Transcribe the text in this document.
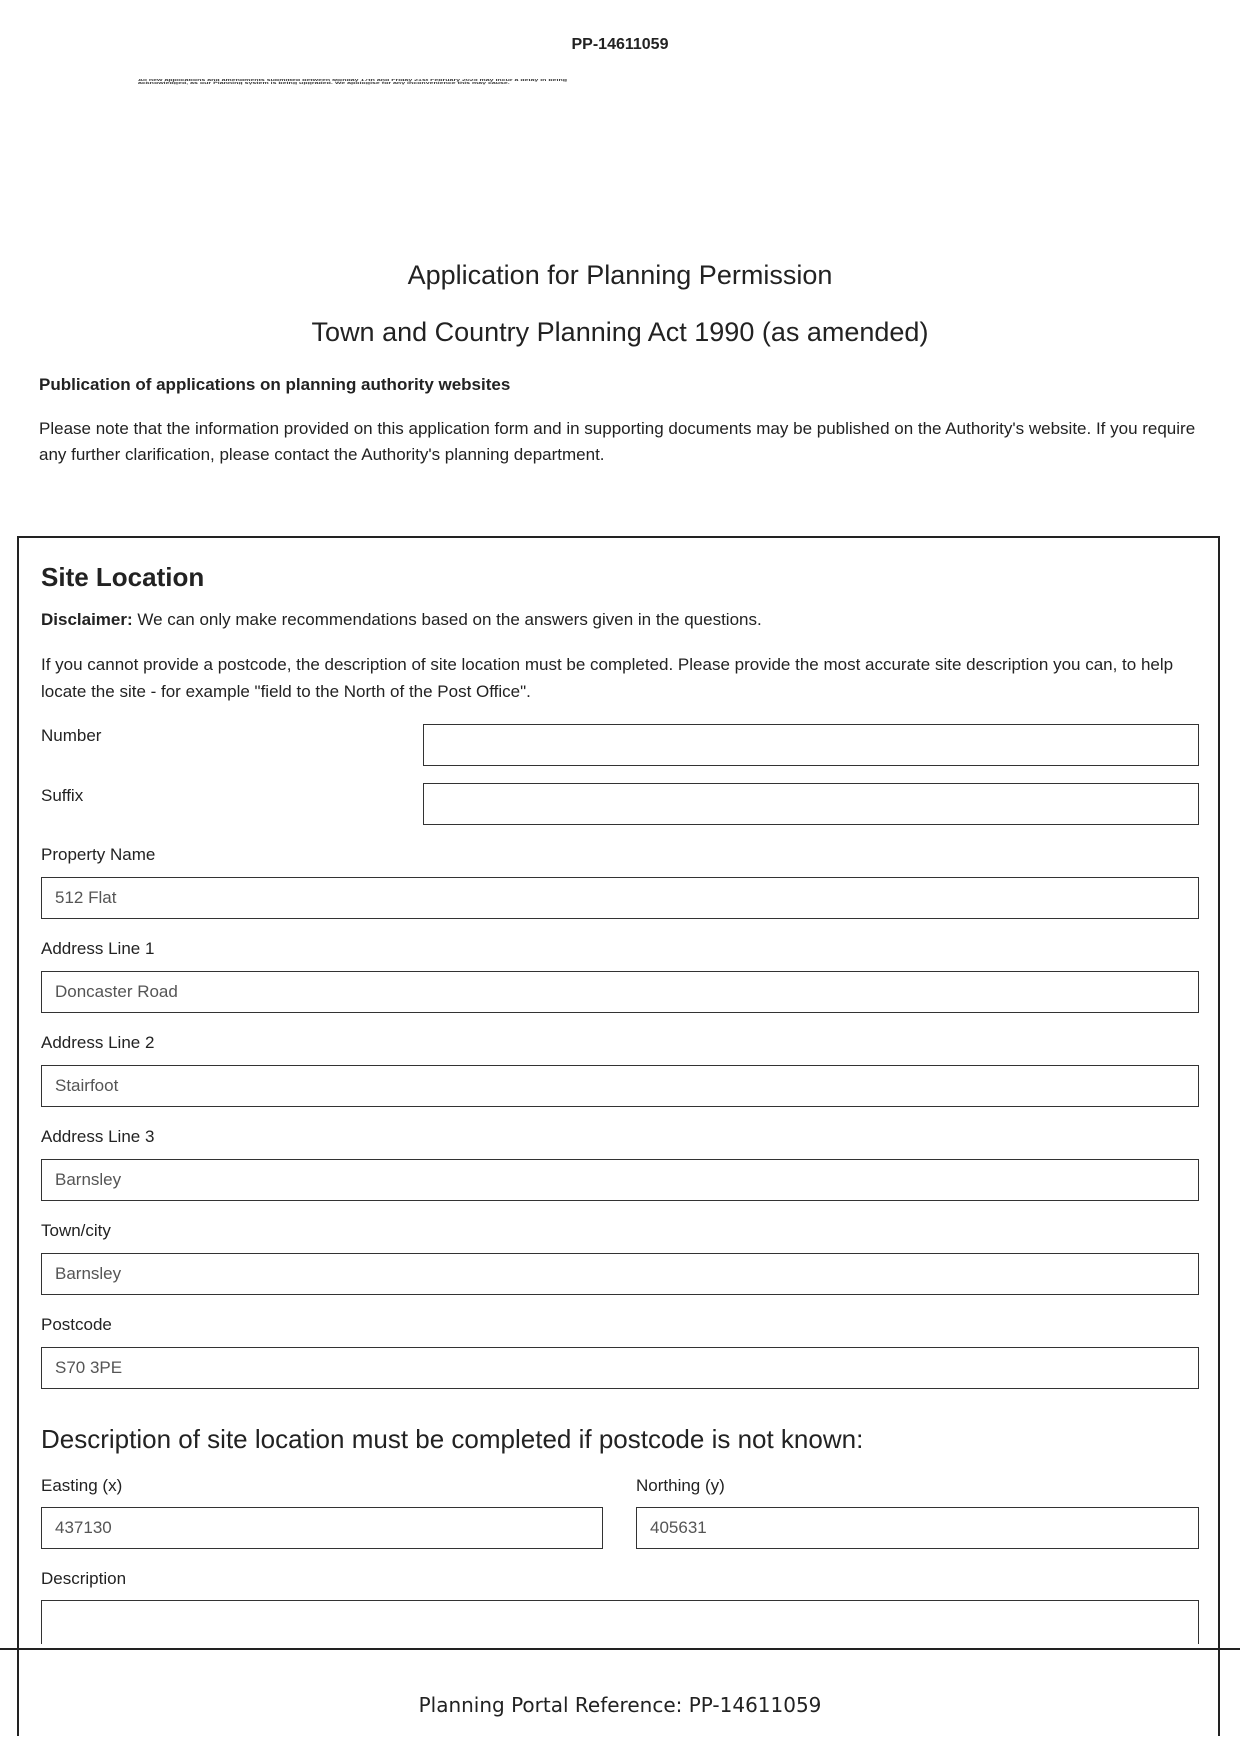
PP-14611059
All new applications and amendments submitted between Monday 17th and Friday 21st February 2025 may incur a delay in being
acknowledged, as our Planning system is being upgraded. We apologise for any inconvenience this may cause.
Application for Planning Permission
Town and Country Planning Act 1990 (as amended)
Publication of applications on planning authority websites
Please note that the information provided on this application form and in supporting documents may be published on the Authority's website. If you require any further clarification, please contact the Authority's planning department.
Site Location
Disclaimer: We can only make recommendations based on the answers given in the questions.
If you cannot provide a postcode, the description of site location must be completed. Please provide the most accurate site description you can, to help locate the site - for example "field to the North of the Post Office".
Number
Suffix
Property Name
512 Flat
Address Line 1
Doncaster Road
Address Line 2
Stairfoot
Address Line 3
Barnsley
Town/city
Barnsley
Postcode
S70 3PE
Description of site location must be completed if postcode is not known:
Easting (x)
437130
Northing (y)
405631
Description
Planning Portal Reference: PP-14611059
